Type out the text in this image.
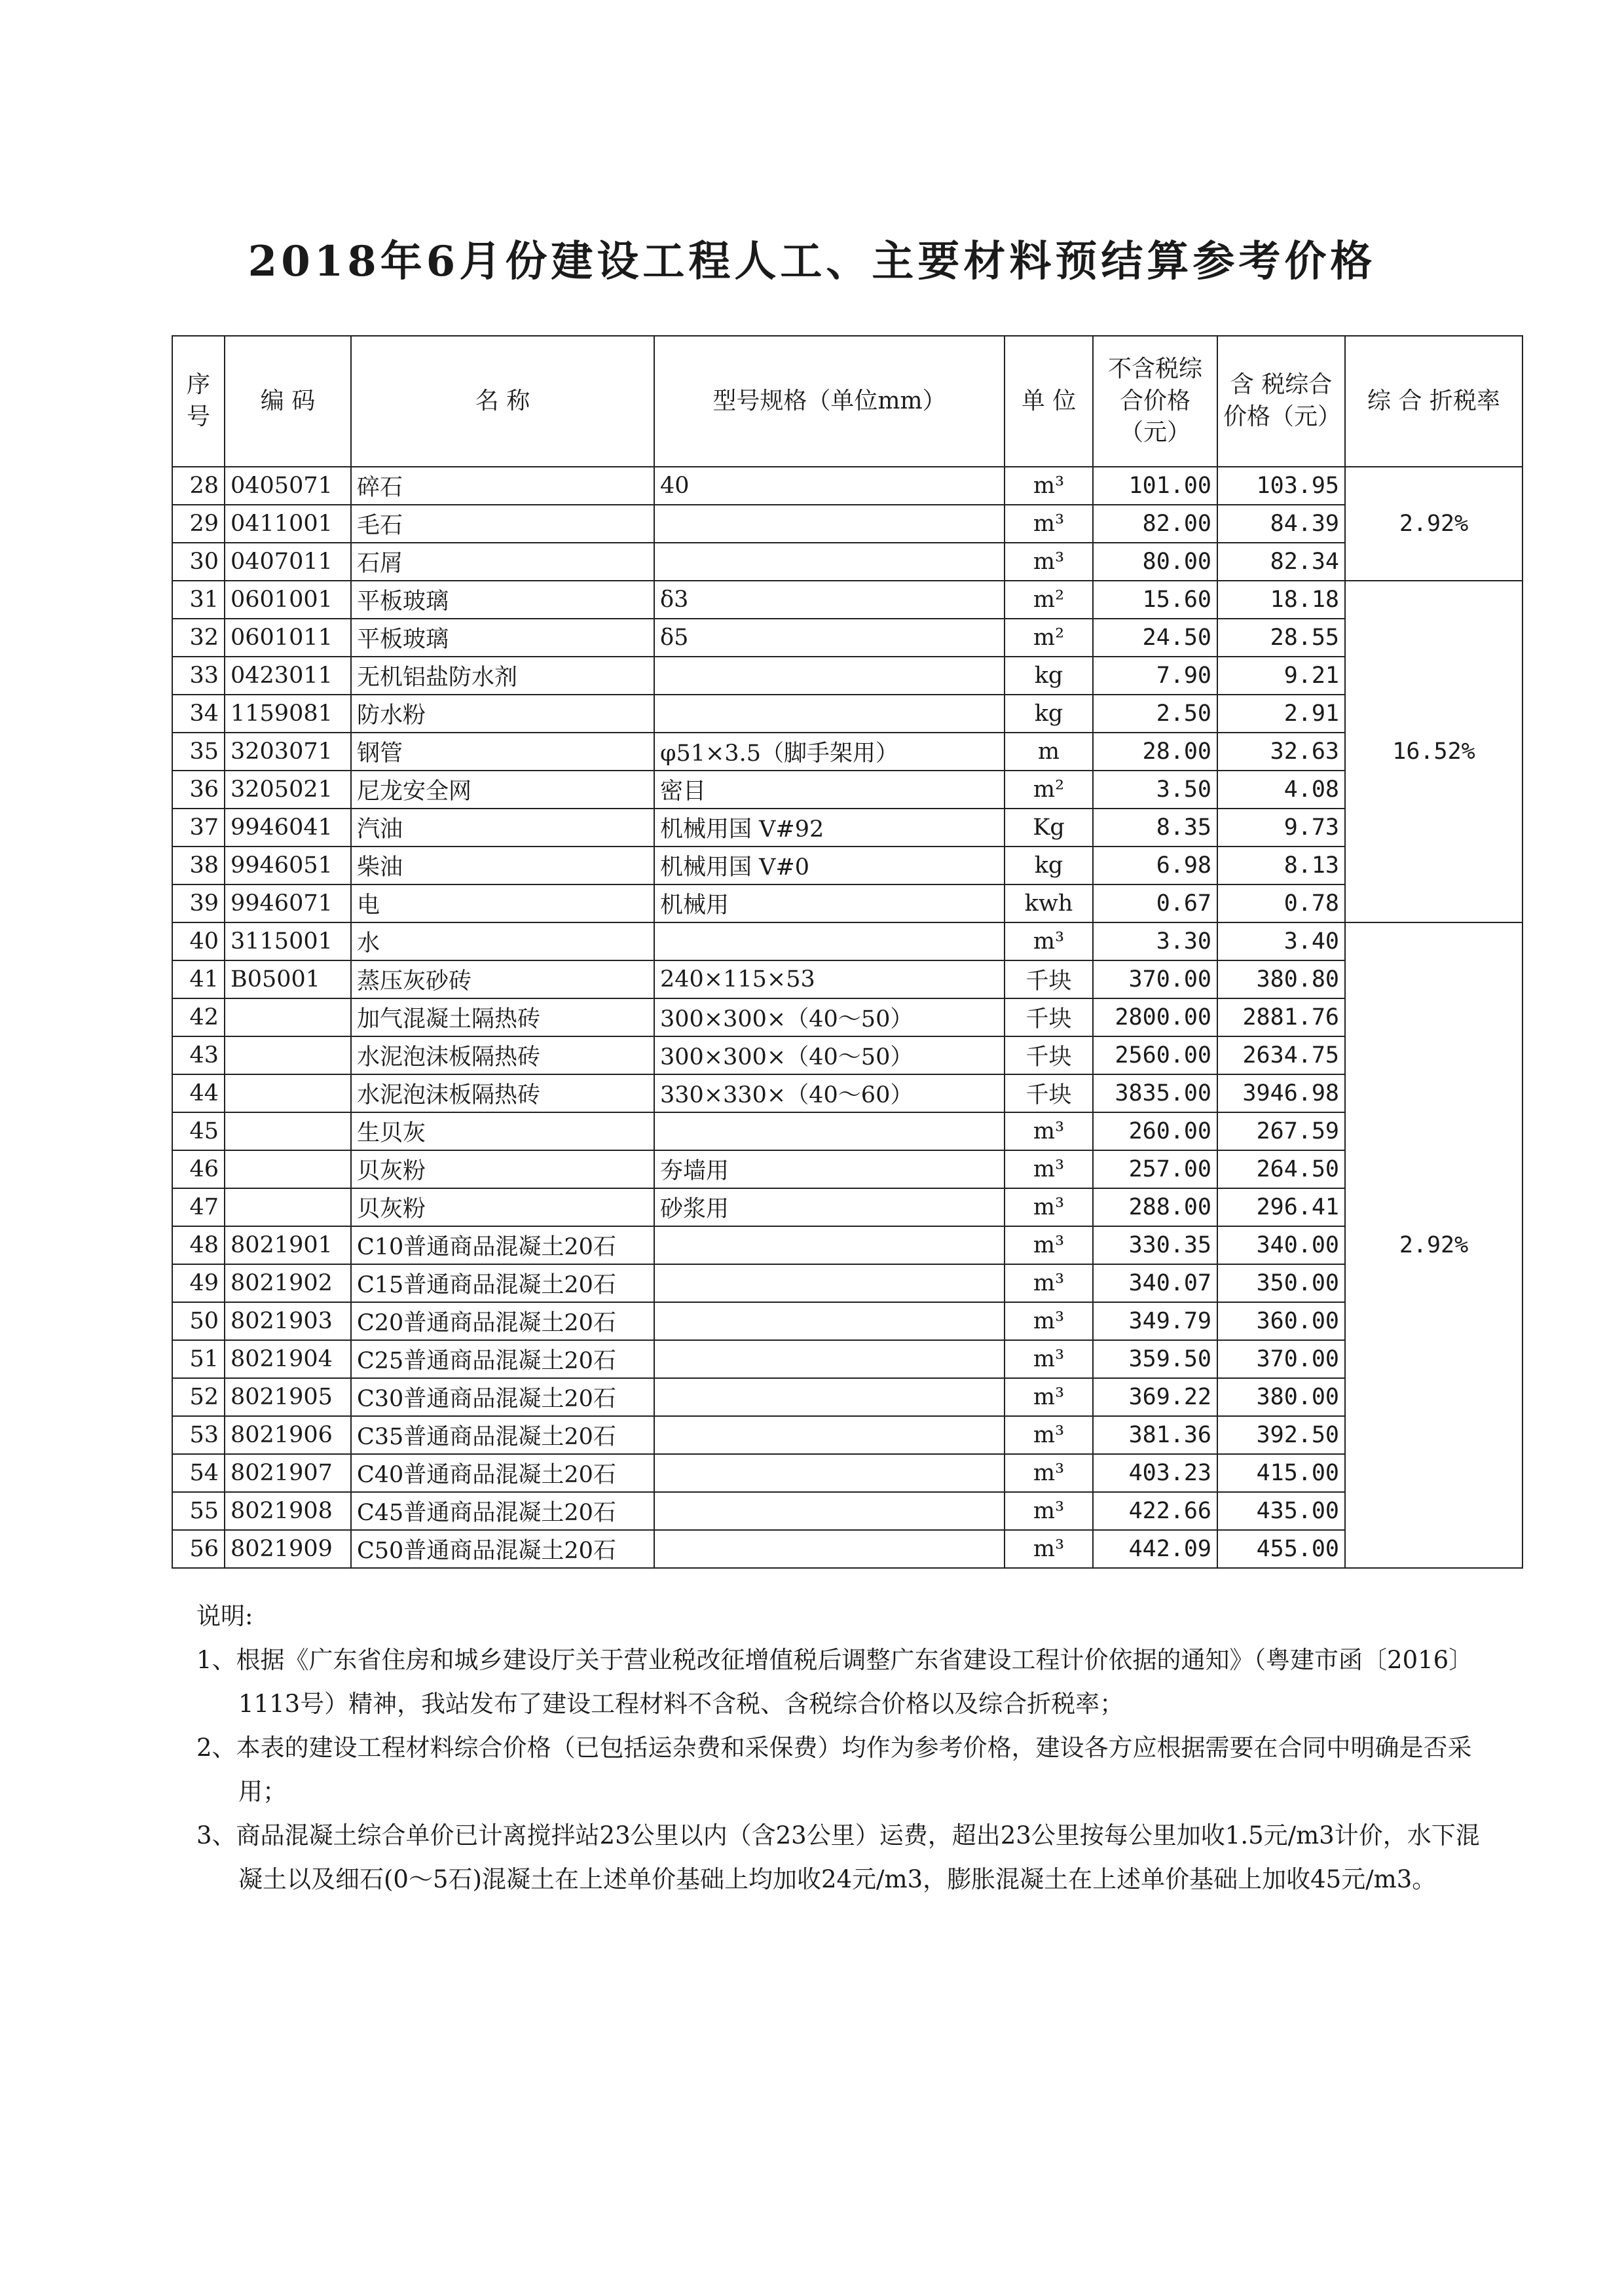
2018年6月份建设工程人工、主要材料预结算参考价格
序号	编 码	名 称	型号规格（单位mm）	单 位	不含税综合价格（元）	含 税综合价格（元）	综 合 折税率
28	0405071	碎石	40	m³	101.00	103.95	2.92%
29	0411001	毛石		m³	82.00	84.39	
30	0407011	石屑		m³	80.00	82.34	
31	0601001	平板玻璃	δ3	m²	15.60	18.18	16.52%
32	0601011	平板玻璃	δ5	m²	24.50	28.55	
33	0423011	无机铝盐防水剂		kg	7.90	9.21	
34	1159081	防水粉		kg	2.50	2.91	
35	3203071	钢管	φ51×3.5（脚手架用）	m	28.00	32.63	
36	3205021	尼龙安全网	密目	m²	3.50	4.08	
37	9946041	汽油	机械用国 V#92	Kg	8.35	9.73	
38	9946051	柴油	机械用国 V#0	kg	6.98	8.13	
39	9946071	电	机械用	kwh	0.67	0.78	
40	3115001	水		m³	3.30	3.40	2.92%
41	B05001	蒸压灰砂砖	240×115×53	千块	370.00	380.80	
42		加气混凝土隔热砖	300×300×（40～50）	千块	2800.00	2881.76	
43		水泥泡沫板隔热砖	300×300×（40～50）	千块	2560.00	2634.75	
44		水泥泡沫板隔热砖	330×330×（40～60）	千块	3835.00	3946.98	
45		生贝灰		m³	260.00	267.59	
46		贝灰粉	夯墙用	m³	257.00	264.50	
47		贝灰粉	砂浆用	m³	288.00	296.41	
48	8021901	C10普通商品混凝土20石		m³	330.35	340.00	
49	8021902	C15普通商品混凝土20石		m³	340.07	350.00	
50	8021903	C20普通商品混凝土20石		m³	349.79	360.00	
51	8021904	C25普通商品混凝土20石		m³	359.50	370.00	
52	8021905	C30普通商品混凝土20石		m³	369.22	380.00	
53	8021906	C35普通商品混凝土20石		m³	381.36	392.50	
54	8021907	C40普通商品混凝土20石		m³	403.23	415.00	
55	8021908	C45普通商品混凝土20石		m³	422.66	435.00	
56	8021909	C50普通商品混凝土20石		m³	442.09	455.00	

说明:

1、根据《广东省住房和城乡建设厅关于营业税改征增值税后调整广东省建设工程计价依据的通知》（粤建市函〔2016〕1113号）精神，我站发布了建设工程材料不含税、含税综合价格以及综合折税率；

2、本表的建设工程材料综合价格（已包括运杂费和采保费）均作为参考价格，建设各方应根据需要在合同中明确是否采用；

3、商品混凝土综合单价已计离搅拌站23公里以内（含23公里）运费，超出23公里按每公里加收1.5元/m3计价，水下混凝土以及细石(0～5石)混凝土在上述单价基础上均加收24元/m3，膨胀混凝土在上述单价基础上加收45元/m3。
